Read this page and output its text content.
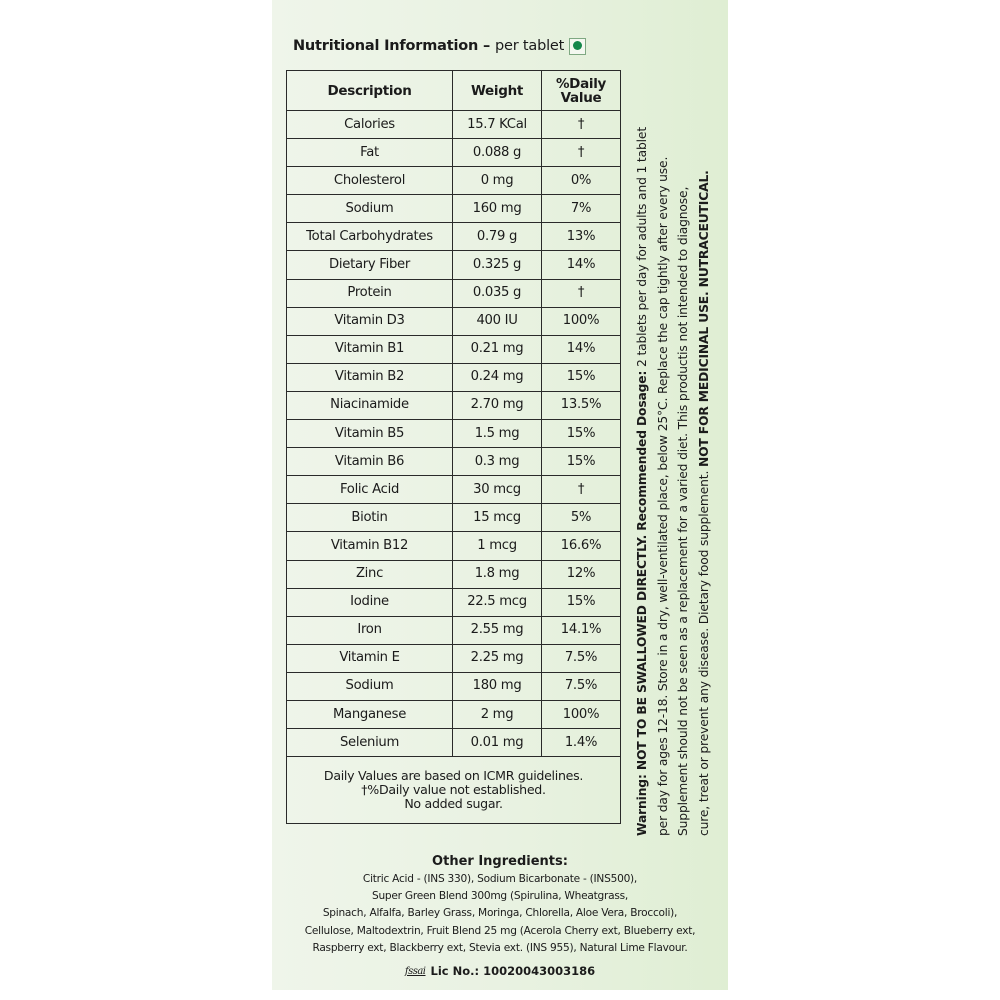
Nutritional Information – per tablet
Description	Weight	%Daily
Value
Calories	15.7 KCal	†
Fat	0.088 g	†
Cholesterol	0 mg	0%
Sodium	160 mg	7%
Total Carbohydrates	0.79 g	13%
Dietary Fiber	0.325 g	14%
Protein	0.035 g	†
Vitamin D3	400 IU	100%
Vitamin B1	0.21 mg	14%
Vitamin B2	0.24 mg	15%
Niacinamide	2.70 mg	13.5%
Vitamin B5	1.5 mg	15%
Vitamin B6	0.3 mg	15%
Folic Acid	30 mcg	†
Biotin	15 mcg	5%
Vitamin B12	1 mcg	16.6%
Zinc	1.8 mg	12%
Iodine	22.5 mcg	15%
Iron	2.55 mg	14.1%
Vitamin E	2.25 mg	7.5%
Sodium	180 mg	7.5%
Manganese	2 mg	100%
Selenium	0.01 mg	1.4%
Daily Values are based on ICMR guidelines.
†%Daily value not established.
No added sugar.		
Other Ingredients:
Citric Acid - (INS 330), Sodium Bicarbonate - (INS500),
Super Green Blend 300mg (Spirulina, Wheatgrass,
Spinach, Alfalfa, Barley Grass, Moringa, Chlorella, Aloe Vera, Broccoli),
Cellulose, Maltodextrin, Fruit Blend 25 mg (Acerola Cherry ext, Blueberry ext,
Raspberry ext, Blackberry ext, Stevia ext. (INS 955), Natural Lime Flavour.
fssai Lic No.: 10020043003186
Warning: NOT TO BE SWALLOWED DIRECTLY. Recommended Dosage: 2 tablets per day for adults and 1 tablet per day for ages 12-18. Store in a dry, well-ventilated place, below 25°C. Replace the cap tightly after every use. Supplement should not be seen as a replacement for a varied diet. This productis not intended to diagnose, cure, treat or prevent any disease. Dietary food supplement. NOT FOR MEDICINAL USE. NUTRACEUTICAL.
